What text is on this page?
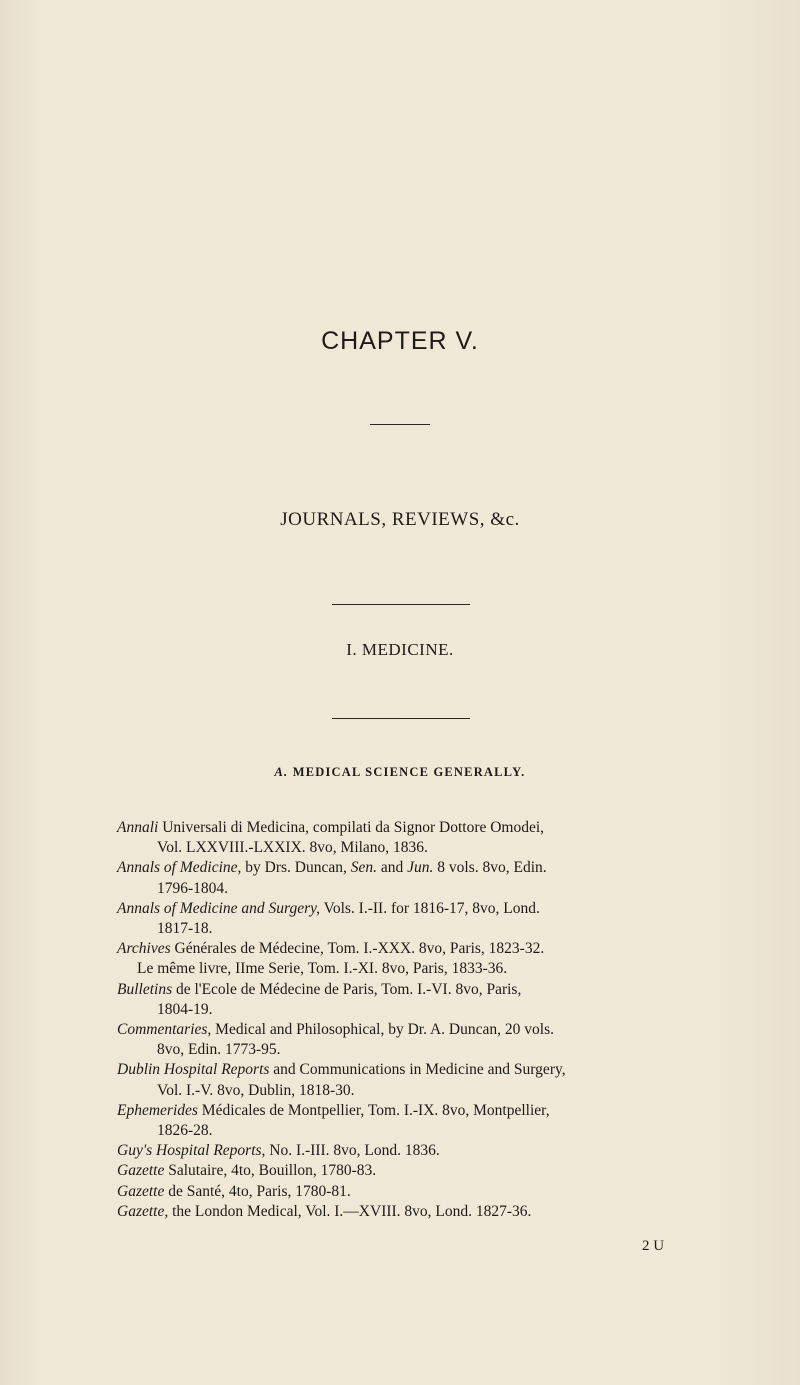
CHAPTER V.
JOURNALS, REVIEWS, &c.
I. MEDICINE.
A. MEDICAL SCIENCE GENERALLY.
Annali Universali di Medicina, compilati da Signor Dottore Omodei,
Vol. LXXVIII.-LXXIX. 8vo, Milano, 1836.
Annals of Medicine, by Drs. Duncan, Sen. and Jun. 8 vols. 8vo, Edin.
1796-1804.
Annals of Medicine and Surgery, Vols. I.-II. for 1816-17, 8vo, Lond.
1817-18.
Archives Générales de Médecine, Tom. I.-XXX. 8vo, Paris, 1823-32.
Le même livre, IIme Serie, Tom. I.-XI. 8vo, Paris, 1833-36.
Bulletins de l'Ecole de Médecine de Paris, Tom. I.-VI. 8vo, Paris,
1804-19.
Commentaries, Medical and Philosophical, by Dr. A. Duncan, 20 vols.
8vo, Edin. 1773-95.
Dublin Hospital Reports and Communications in Medicine and Surgery,
Vol. I.-V. 8vo, Dublin, 1818-30.
Ephemerides Médicales de Montpellier, Tom. I.-IX. 8vo, Montpellier,
1826-28.
Guy's Hospital Reports, No. I.-III. 8vo, Lond. 1836.
Gazette Salutaire, 4to, Bouillon, 1780-83.
Gazette de Santé, 4to, Paris, 1780-81.
Gazette, the London Medical, Vol. I.—XVIII. 8vo, Lond. 1827-36.
2 U
